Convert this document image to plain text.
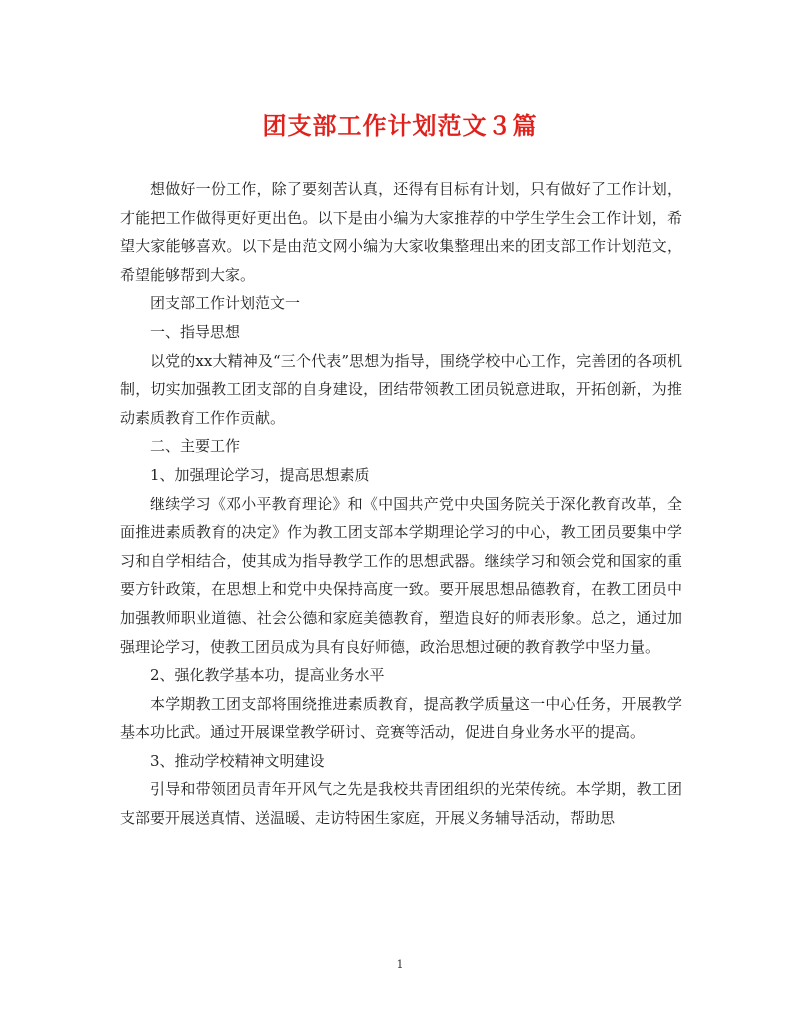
团支部工作计划范文３篇

想做好一份工作，除了要刻苦认真，还得有目标有计划，只有做好了工作计划，才能把工作做得更好更出色。以下是由小编为大家推荐的中学生学生会工作计划，希望大家能够喜欢。以下是由范文网小编为大家收集整理出来的团支部工作计划范文，希望能够帮到大家。

团支部工作计划范文一

一、指导思想

以党的xx大精神及“三个代表”思想为指导，围绕学校中心工作，完善团的各项机制，切实加强教工团支部的自身建设，团结带领教工团员锐意进取，开拓创新，为推动素质教育工作作贡献。

二、主要工作

1、加强理论学习，提高思想素质

继续学习《邓小平教育理论》和《中国共产党中央国务院关于深化教育改革，全面推进素质教育的决定》作为教工团支部本学期理论学习的中心，教工团员要集中学习和自学相结合，使其成为指导教学工作的思想武器。继续学习和领会党和国家的重要方针政策，在思想上和党中央保持高度一致。要开展思想品德教育，在教工团员中加强教师职业道德、社会公德和家庭美德教育，塑造良好的师表形象。总之，通过加强理论学习，使教工团员成为具有良好师德，政治思想过硬的教育教学中坚力量。

2、强化教学基本功，提高业务水平

本学期教工团支部将围绕推进素质教育，提高教学质量这一中心任务，开展教学基本功比武。通过开展课堂教学研讨、竞赛等活动，促进自身业务水平的提高。

3、推动学校精神文明建设

引导和带领团员青年开风气之先是我校共青团组织的光荣传统。本学期，教工团支部要开展送真情、送温暖、走访特困生家庭，开展义务辅导活动，帮助思

1
